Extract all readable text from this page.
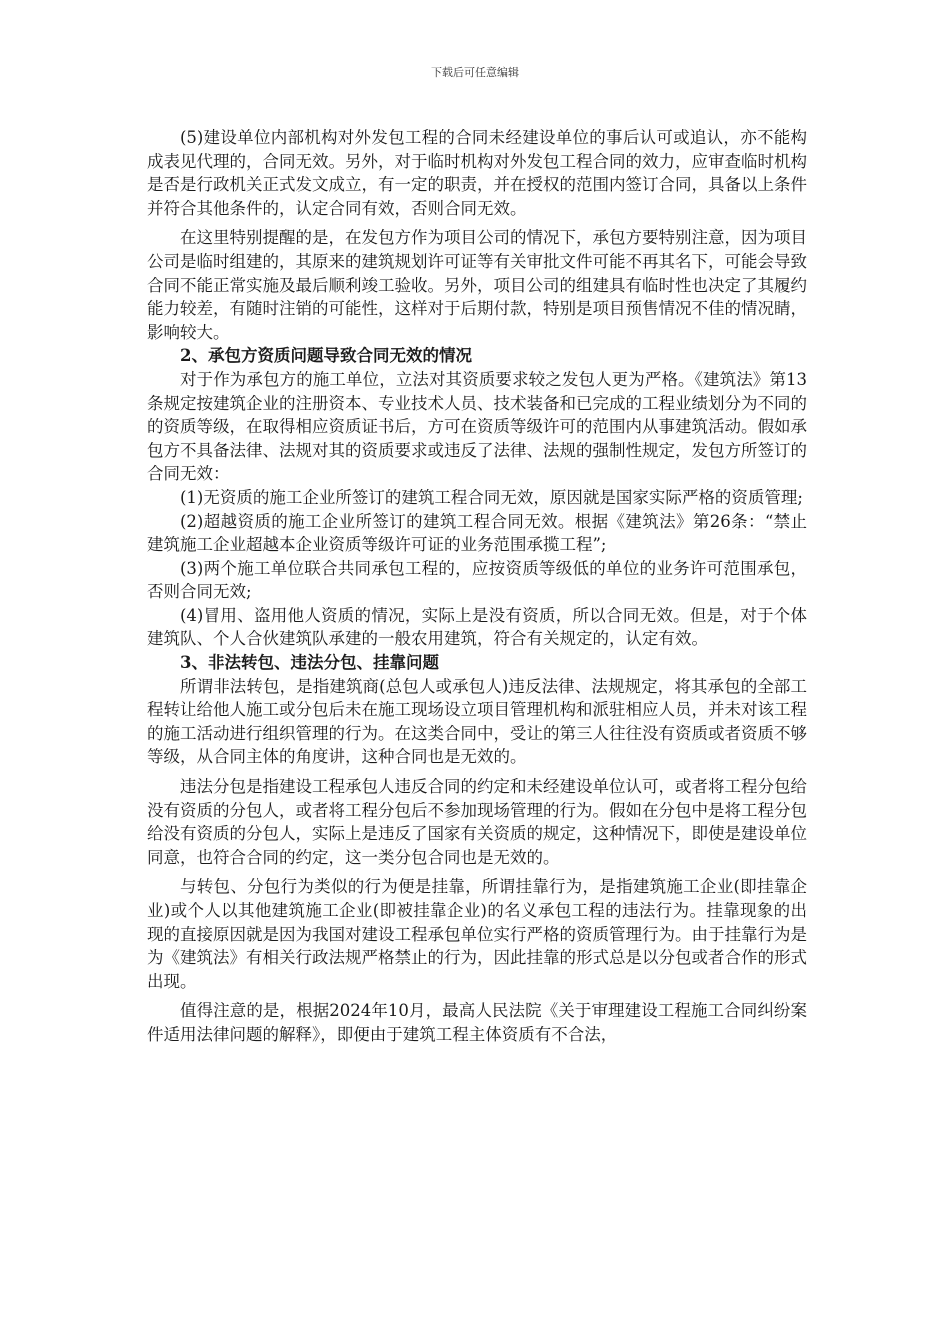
下载后可任意编辑

(5)建设单位内部机构对外发包工程的合同未经建设单位的事后认可或追认，亦不能构成表见代理的，合同无效。另外，对于临时机构对外发包工程合同的效力，应审查临时机构是否是行政机关正式发文成立，有一定的职责，并在授权的范围内签订合同，具备以上条件并符合其他条件的，认定合同有效，否则合同无效。

在这里特别提醒的是，在发包方作为项目公司的情况下，承包方要特别注意，因为项目公司是临时组建的，其原来的建筑规划许可证等有关审批文件可能不再其名下，可能会导致合同不能正常实施及最后顺利竣工验收。另外，项目公司的组建具有临时性也决定了其履约能力较差，有随时注销的可能性，这样对于后期付款，特别是项目预售情况不佳的情况睛，影响较大。

2、承包方资质问题导致合同无效的情况

对于作为承包方的施工单位，立法对其资质要求较之发包人更为严格。《建筑法》第13条规定按建筑企业的注册资本、专业技术人员、技术装备和已完成的工程业绩划分为不同的的资质等级，在取得相应资质证书后，方可在资质等级许可的范围内从事建筑活动。假如承包方不具备法律、法规对其的资质要求或违反了法律、法规的强制性规定，发包方所签订的合同无效：

(1)无资质的施工企业所签订的建筑工程合同无效，原因就是国家实际严格的资质管理;

(2)超越资质的施工企业所签订的建筑工程合同无效。根据《建筑法》第26条：“禁止建筑施工企业超越本企业资质等级许可证的业务范围承揽工程”;

(3)两个施工单位联合共同承包工程的，应按资质等级低的单位的业务许可范围承包，否则合同无效;

(4)冒用、盗用他人资质的情况，实际上是没有资质，所以合同无效。但是，对于个体建筑队、个人合伙建筑队承建的一般农用建筑，符合有关规定的，认定有效。

3、非法转包、违法分包、挂靠问题

所谓非法转包，是指建筑商(总包人或承包人)违反法律、法规规定，将其承包的全部工程转让给他人施工或分包后未在施工现场设立项目管理机构和派驻相应人员，并未对该工程的施工活动进行组织管理的行为。在这类合同中，受让的第三人往往没有资质或者资质不够等级，从合同主体的角度讲，这种合同也是无效的。

违法分包是指建设工程承包人违反合同的约定和未经建设单位认可，或者将工程分包给没有资质的分包人，或者将工程分包后不参加现场管理的行为。假如在分包中是将工程分包给没有资质的分包人，实际上是违反了国家有关资质的规定，这种情况下，即使是建设单位同意，也符合合同的约定，这一类分包合同也是无效的。

与转包、分包行为类似的行为便是挂靠，所谓挂靠行为，是指建筑施工企业(即挂靠企业)或个人以其他建筑施工企业(即被挂靠企业)的名义承包工程的违法行为。挂靠现象的出现的直接原因就是因为我国对建设工程承包单位实行严格的资质管理行为。由于挂靠行为是为《建筑法》有相关行政法规严格禁止的行为，因此挂靠的形式总是以分包或者合作的形式出现。

值得注意的是，根据2024年10月，最高人民法院《关于审理建设工程施工合同纠纷案件适用法律问题的解释》，即便由于建筑工程主体资质有不合法，
